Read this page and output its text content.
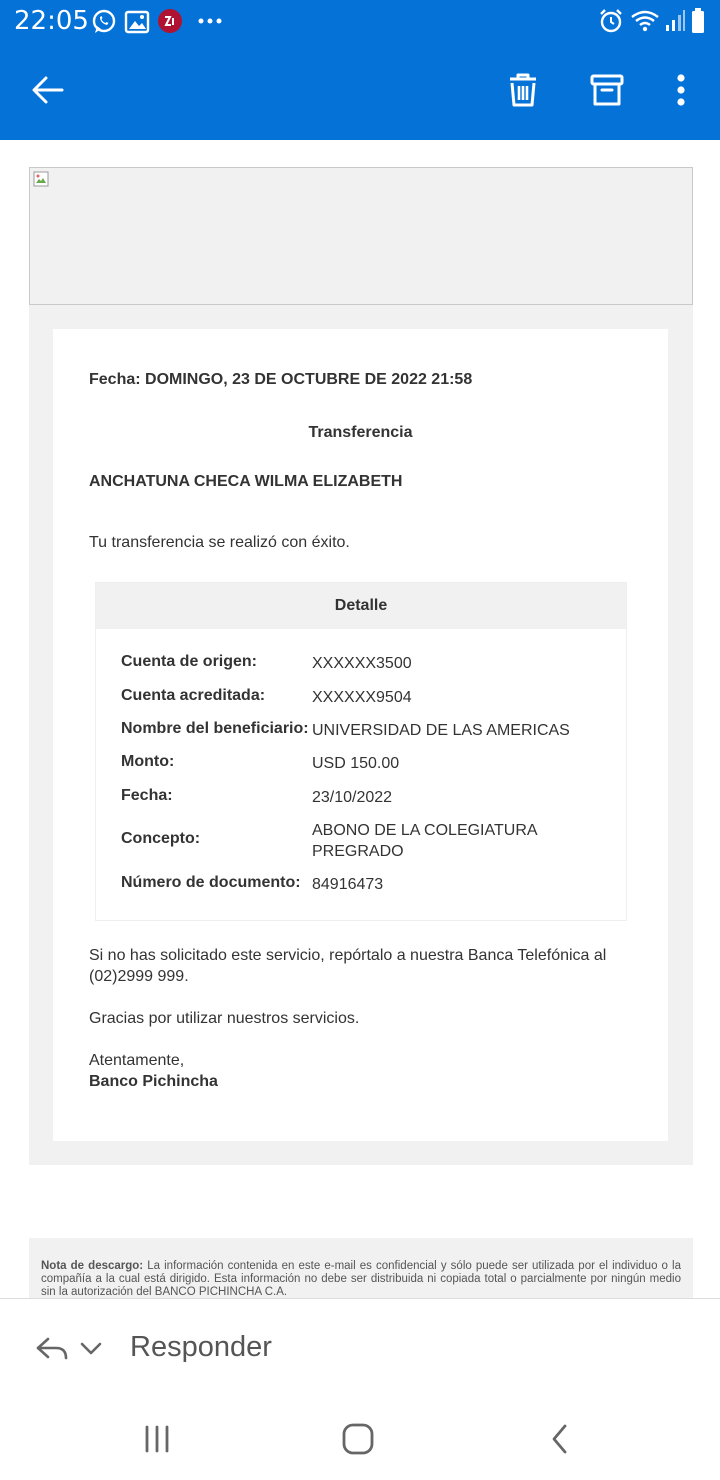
22:05
Fecha: DOMINGO, 23 DE OCTUBRE DE 2022 21:58
Transferencia
ANCHATUNA CHECA WILMA ELIZABETH
Tu transferencia se realizó con éxito.
Detalle
Cuenta de origen:	XXXXXX3500
Cuenta acreditada:	XXXXXX9504
Nombre del beneficiario: UNIVERSIDAD DE LAS AMERICAS
Monto:	USD 150.00
Fecha:	23/10/2022
Concepto:	ABONO DE LA COLEGIATURA PREGRADO
Número de documento: 84916473
Si no has solicitado este servicio, repórtalo a nuestra Banca Telefónica al (02)2999 999.
Gracias por utilizar nuestros servicios.
Atentamente,
Banco Pichincha

Nota de descargo: La información contenida en este e-mail es confidencial y sólo puede ser utilizada por el individuo o la compañía a la cual está dirigido. Esta información no debe ser distribuida ni copiada total o parcialmente por ningún medio sin la autorización del BANCO PICHINCHA C.A.

Responder
